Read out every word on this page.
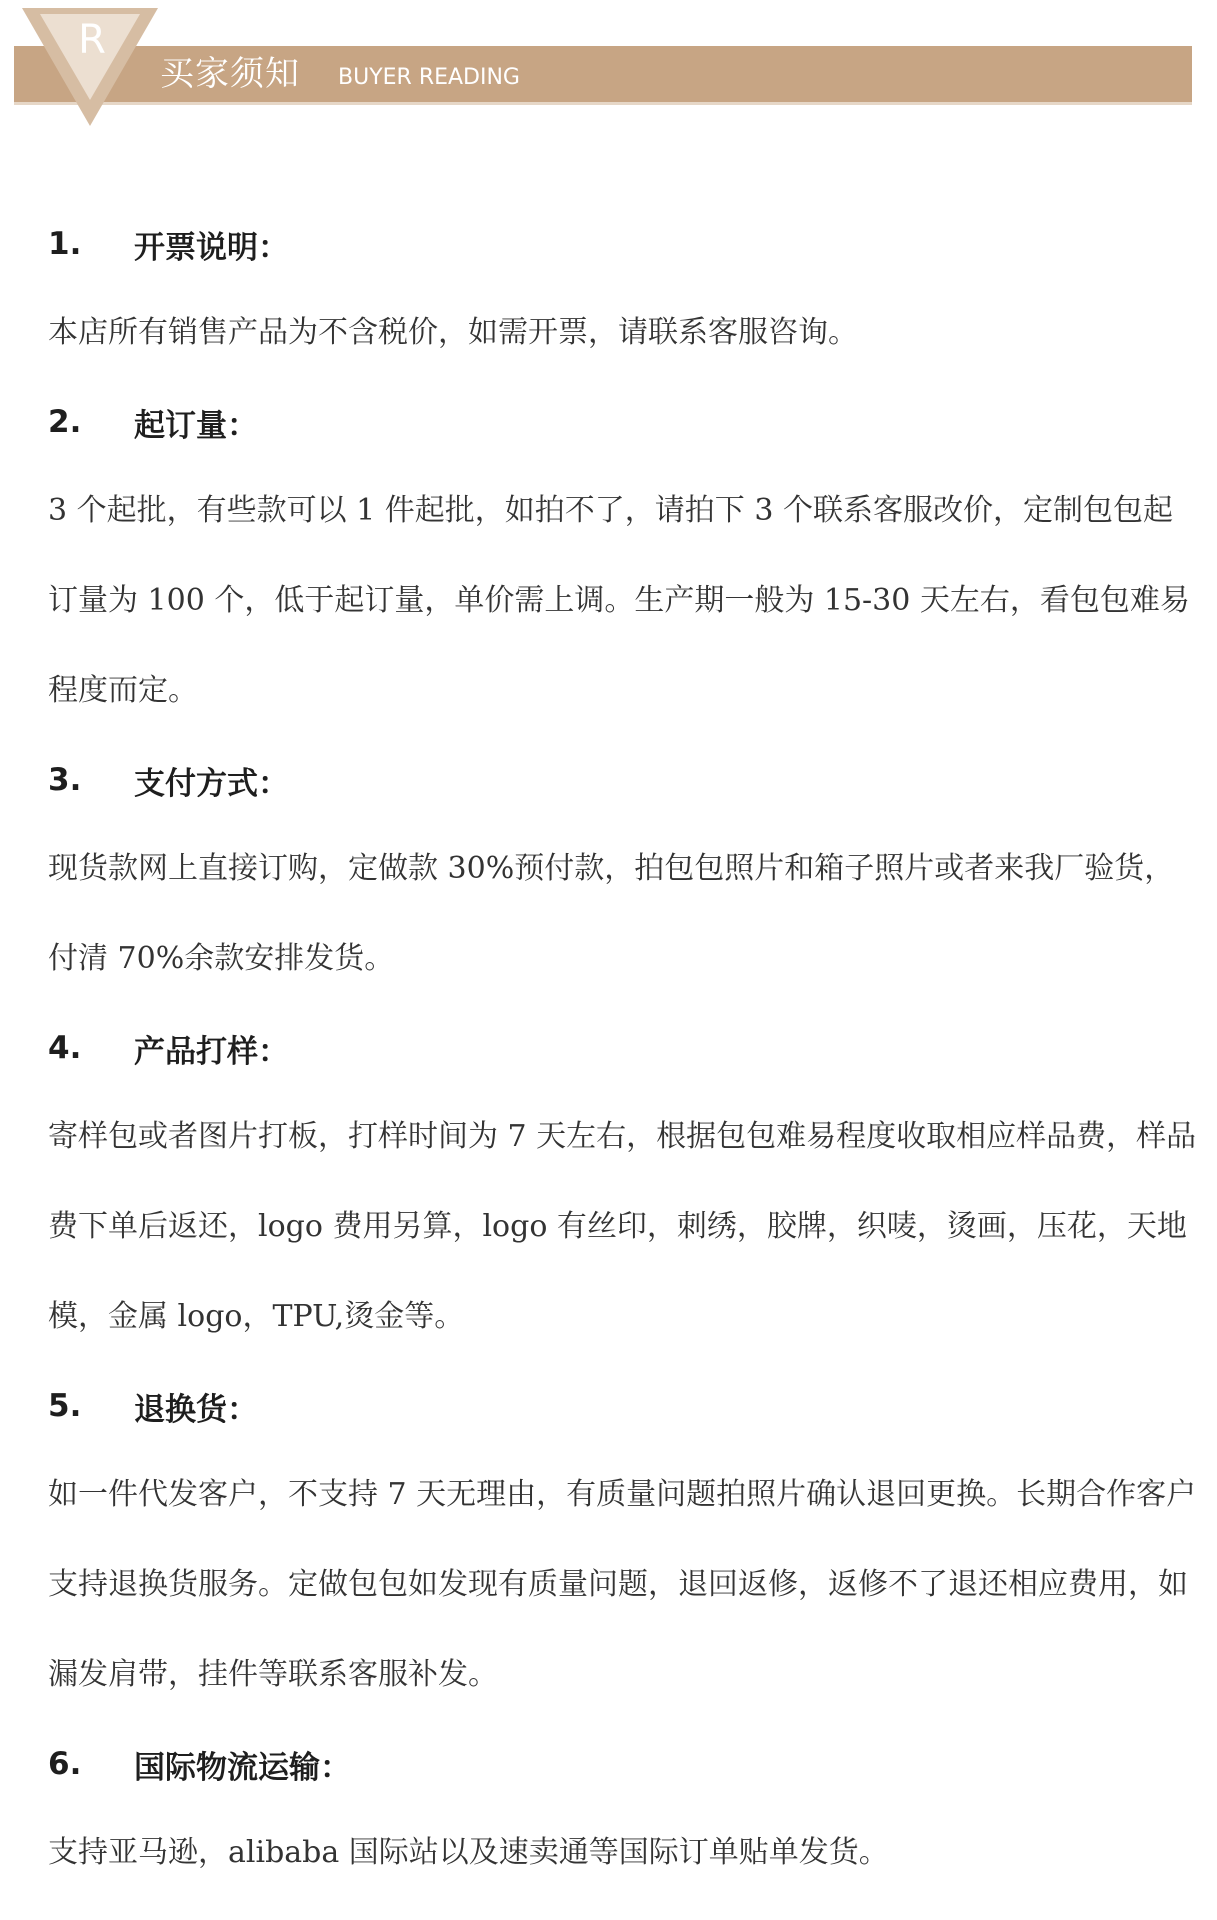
R
买家须知 BUYER READING
1.	开票说明：
本店所有销售产品为不含税价，如需开票，请联系客服咨询。
2.	起订量：
3 个起批，有些款可以 1 件起批，如拍不了，请拍下 3 个联系客服改价，定制包包起订量为 100 个，低于起订量，单价需上调。生产期一般为 15-30 天左右，看包包难易程度而定。
3.	支付方式：
现货款网上直接订购，定做款 30%预付款，拍包包照片和箱子照片或者来我厂验货，付清 70%余款安排发货。
4.	产品打样：
寄样包或者图片打板，打样时间为 7 天左右，根据包包难易程度收取相应样品费，样品费下单后返还，logo 费用另算，logo 有丝印，刺绣，胶牌，织唛，烫画，压花，天地模，金属 logo，TPU,烫金等。
5.	退换货：
如一件代发客户，不支持 7 天无理由，有质量问题拍照片确认退回更换。长期合作客户支持退换货服务。定做包包如发现有质量问题，退回返修，返修不了退还相应费用，如漏发肩带，挂件等联系客服补发。
6.	国际物流运输：
支持亚马逊，alibaba 国际站以及速卖通等国际订单贴单发货。
